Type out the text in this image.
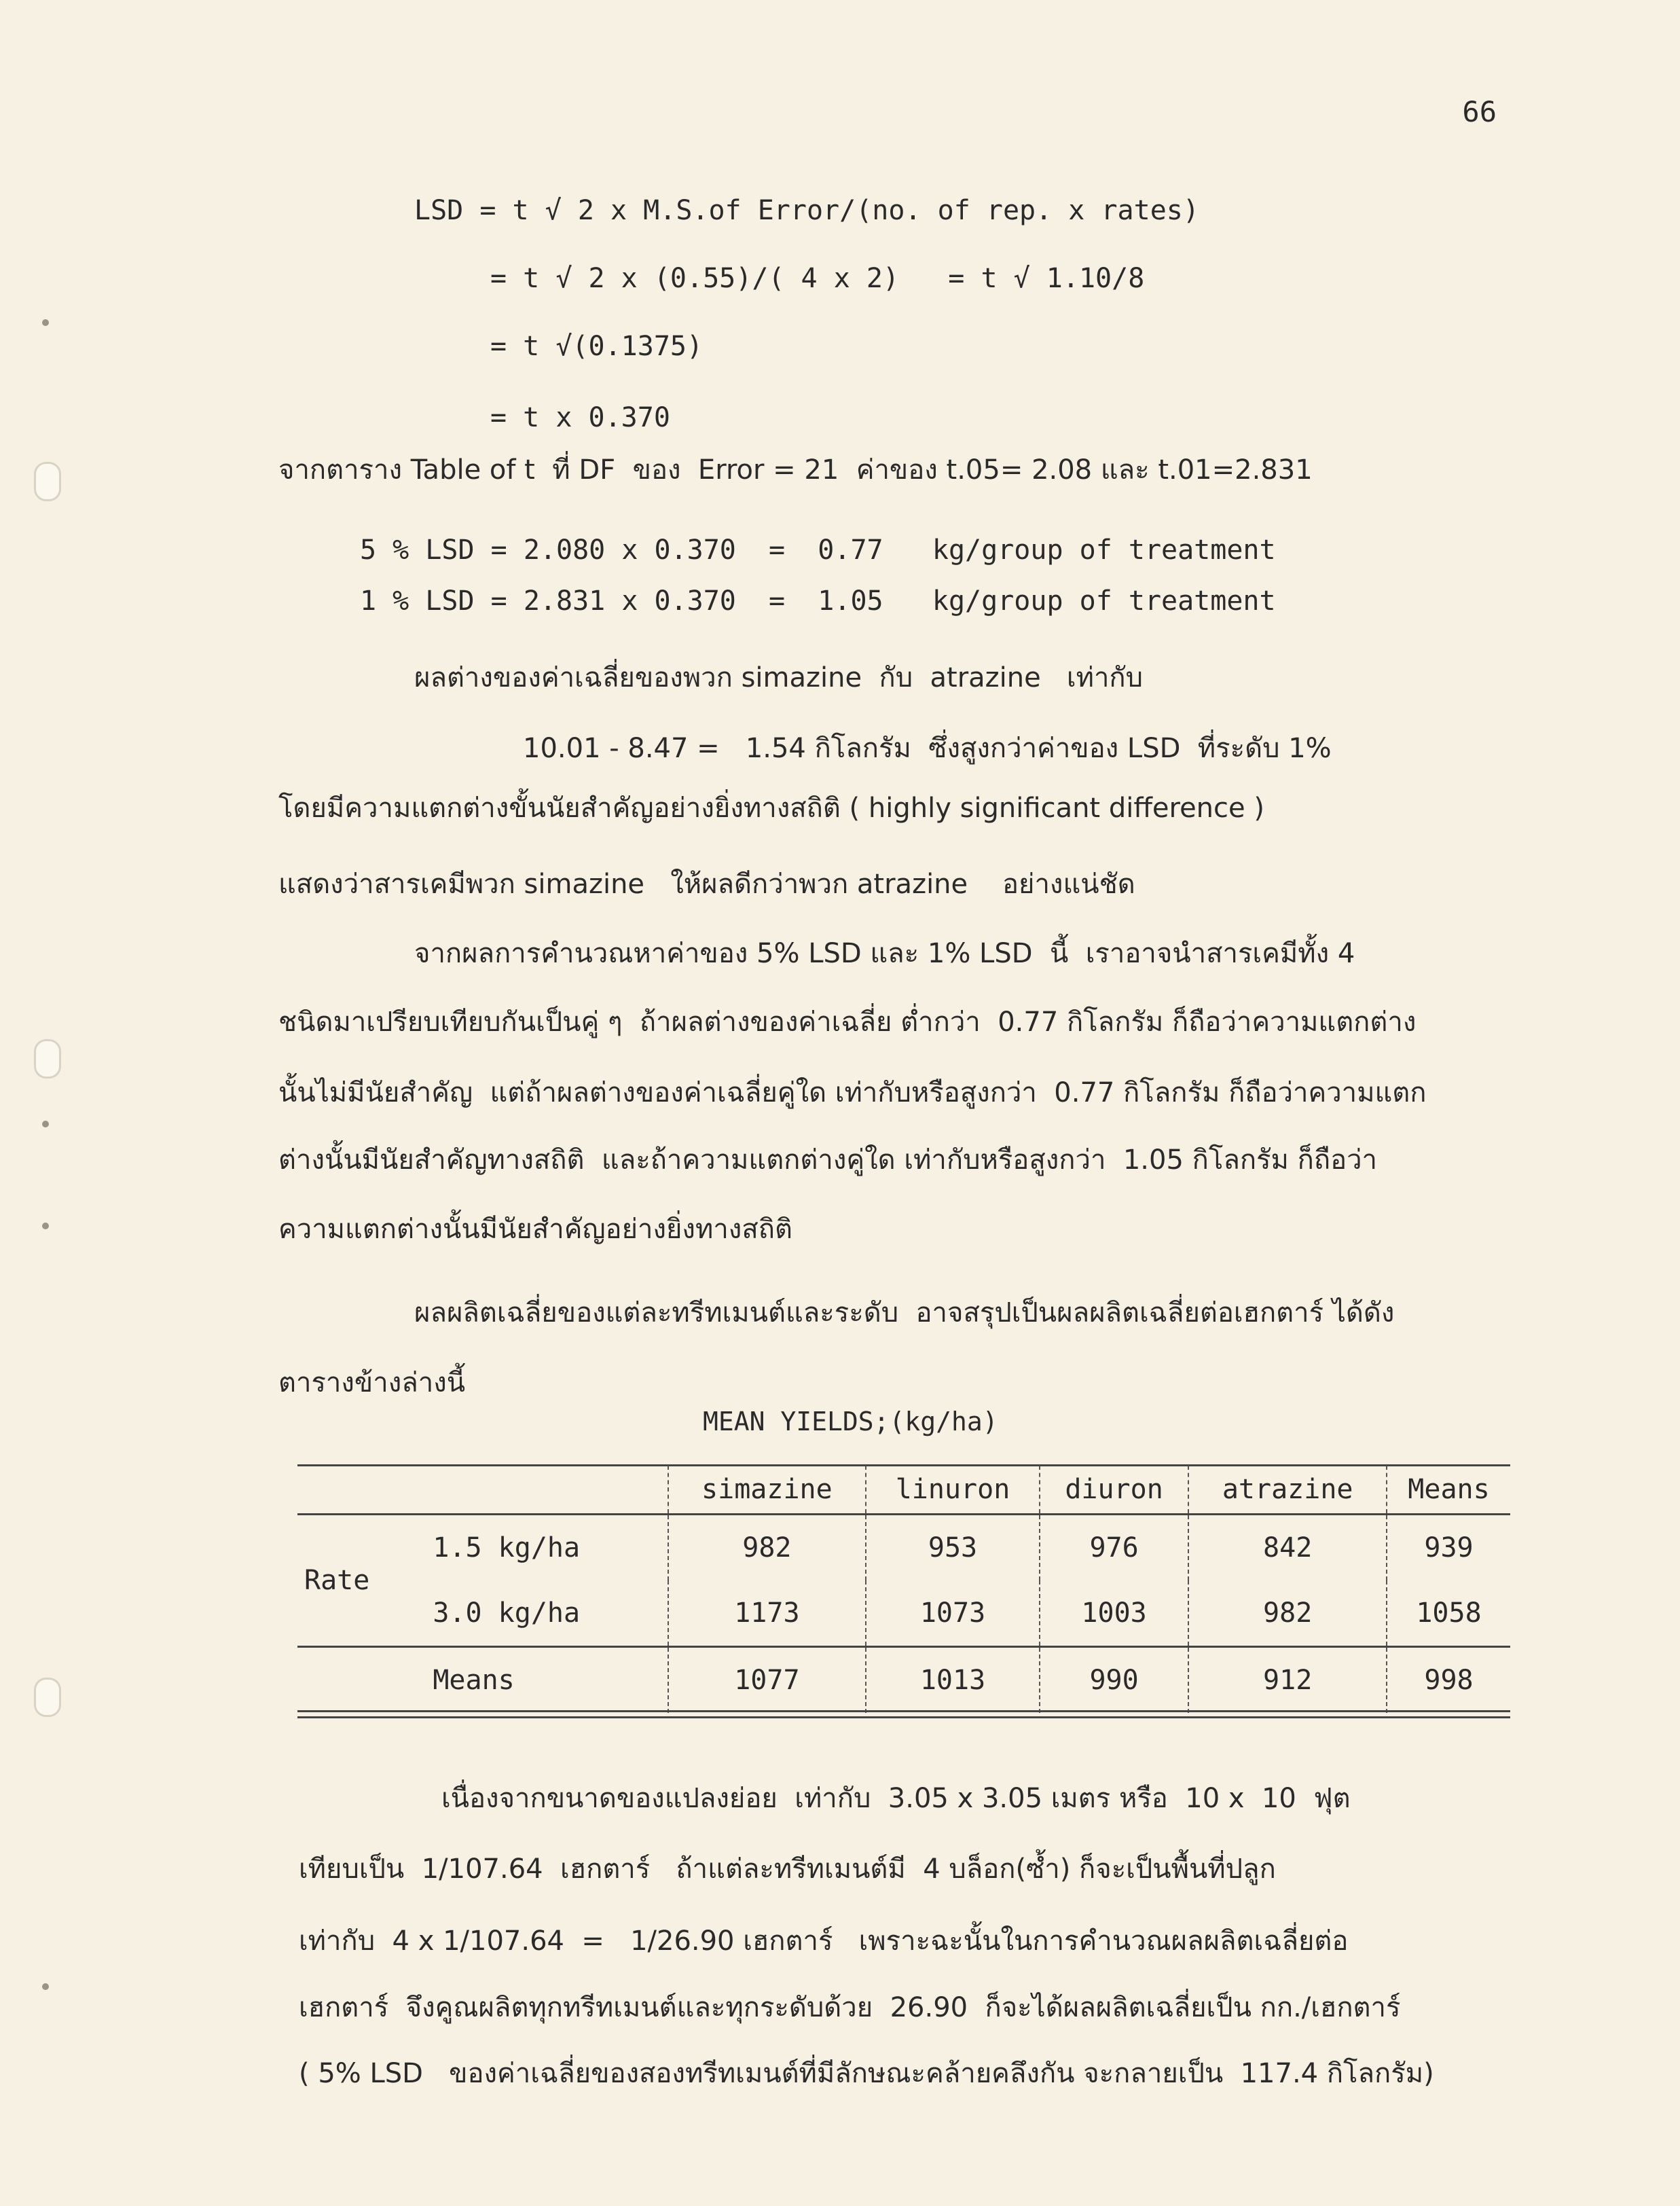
66
LSD = t √ 2 x M.S.of Error/(no. of rep. x rates)
= t √ 2 x (0.55)/( 4 x 2)   = t √ 1.10/8
= t √(0.1375)
= t x 0.370
จากตาราง Table of t  ที่ DF  ของ  Error = 21  ค่าของ t.05= 2.08 และ t.01=2.831
5 % LSD = 2.080 x 0.370  =  0.77   kg/group of treatment
1 % LSD = 2.831 x 0.370  =  1.05   kg/group of treatment
ผลต่างของค่าเฉลี่ยของพวก simazine  กับ  atrazine   เท่ากับ
10.01 - 8.47 =   1.54 กิโลกรัม  ซึ่งสูงกว่าค่าของ LSD  ที่ระดับ 1%
โดยมีความแตกต่างขั้นนัยสำคัญอย่างยิ่งทางสถิติ ( highly significant difference )
แสดงว่าสารเคมีพวก simazine   ให้ผลดีกว่าพวก atrazine    อย่างแน่ชัด
จากผลการคำนวณหาค่าของ 5% LSD และ 1% LSD  นี้  เราอาจนำสารเคมีทั้ง 4
ชนิดมาเปรียบเทียบกันเป็นคู่ ๆ  ถ้าผลต่างของค่าเฉลี่ย ต่ำกว่า  0.77 กิโลกรัม ก็ถือว่าความแตกต่าง
นั้นไม่มีนัยสำคัญ  แต่ถ้าผลต่างของค่าเฉลี่ยคู่ใด เท่ากับหรือสูงกว่า  0.77 กิโลกรัม ก็ถือว่าความแตก
ต่างนั้นมีนัยสำคัญทางสถิติ  และถ้าความแตกต่างคู่ใด เท่ากับหรือสูงกว่า  1.05 กิโลกรัม ก็ถือว่า
ความแตกต่างนั้นมีนัยสำคัญอย่างยิ่งทางสถิติ
ผลผลิตเฉลี่ยของแต่ละทรีทเมนต์และระดับ  อาจสรุปเป็นผลผลิตเฉลี่ยต่อเฮกตาร์ ได้ดัง
ตารางข้างล่างนี้
MEAN YIELDS;(kg/ha)
		simazine	linuron	diuron	atrazine	Means
Rate	1.5 kg/ha	982	953	976	842	939
	3.0 kg/ha	1173	1073	1003	982	1058
	Means	1077	1013	990	912	998
เนื่องจากขนาดของแปลงย่อย  เท่ากับ  3.05 x 3.05 เมตร หรือ  10 x  10  ฟุต
เทียบเป็น  1/107.64  เฮกตาร์   ถ้าแต่ละทรีทเมนต์มี  4 บล็อก(ซ้ำ) ก็จะเป็นพื้นที่ปลูก
เท่ากับ  4 x 1/107.64  =   1/26.90 เฮกตาร์   เพราะฉะนั้นในการคำนวณผลผลิตเฉลี่ยต่อ
เฮกตาร์  จึงคูณผลิตทุกทรีทเมนต์และทุกระดับด้วย  26.90  ก็จะได้ผลผลิตเฉลี่ยเป็น กก./เฮกตาร์
( 5% LSD   ของค่าเฉลี่ยของสองทรีทเมนต์ที่มีลักษณะคล้ายคลึงกัน จะกลายเป็น  117.4 กิโลกรัม)
